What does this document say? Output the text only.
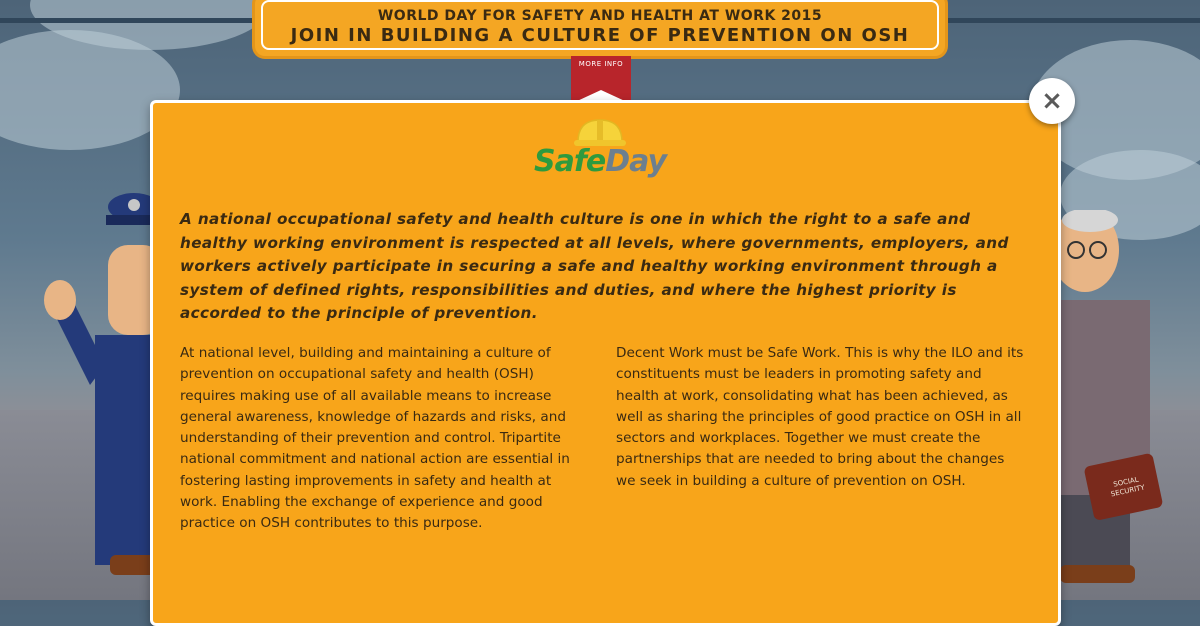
SOCIAL SECURITY
WORLD DAY FOR SAFETY AND HEALTH AT WORK 2015
JOIN IN BUILDING A CULTURE OF PREVENTION ON OSH
MORE INFO
×
SafeDay

A national occupational safety and health culture is one in which the right to a safe and healthy working environment is respected at all levels, where governments, employers, and workers actively participate in securing a safe and healthy working environment through a system of defined rights, responsibilities and duties, and where the highest priority is accorded to the principle of prevention.

At national level, building and maintaining a culture of prevention on occupational safety and health (OSH) requires making use of all available means to increase general awareness, knowledge of hazards and risks, and understanding of their prevention and control. Tripartite national commitment and national action are essential in fostering lasting improvements in safety and health at work. Enabling the exchange of experience and good practice on OSH contributes to this purpose.

Decent Work must be Safe Work. This is why the ILO and its constituents must be leaders in promoting safety and health at work, consolidating what has been achieved, as well as sharing the principles of good practice on OSH in all sectors and workplaces. Together we must create the partnerships that are needed to bring about the changes we seek in building a culture of prevention on OSH.
